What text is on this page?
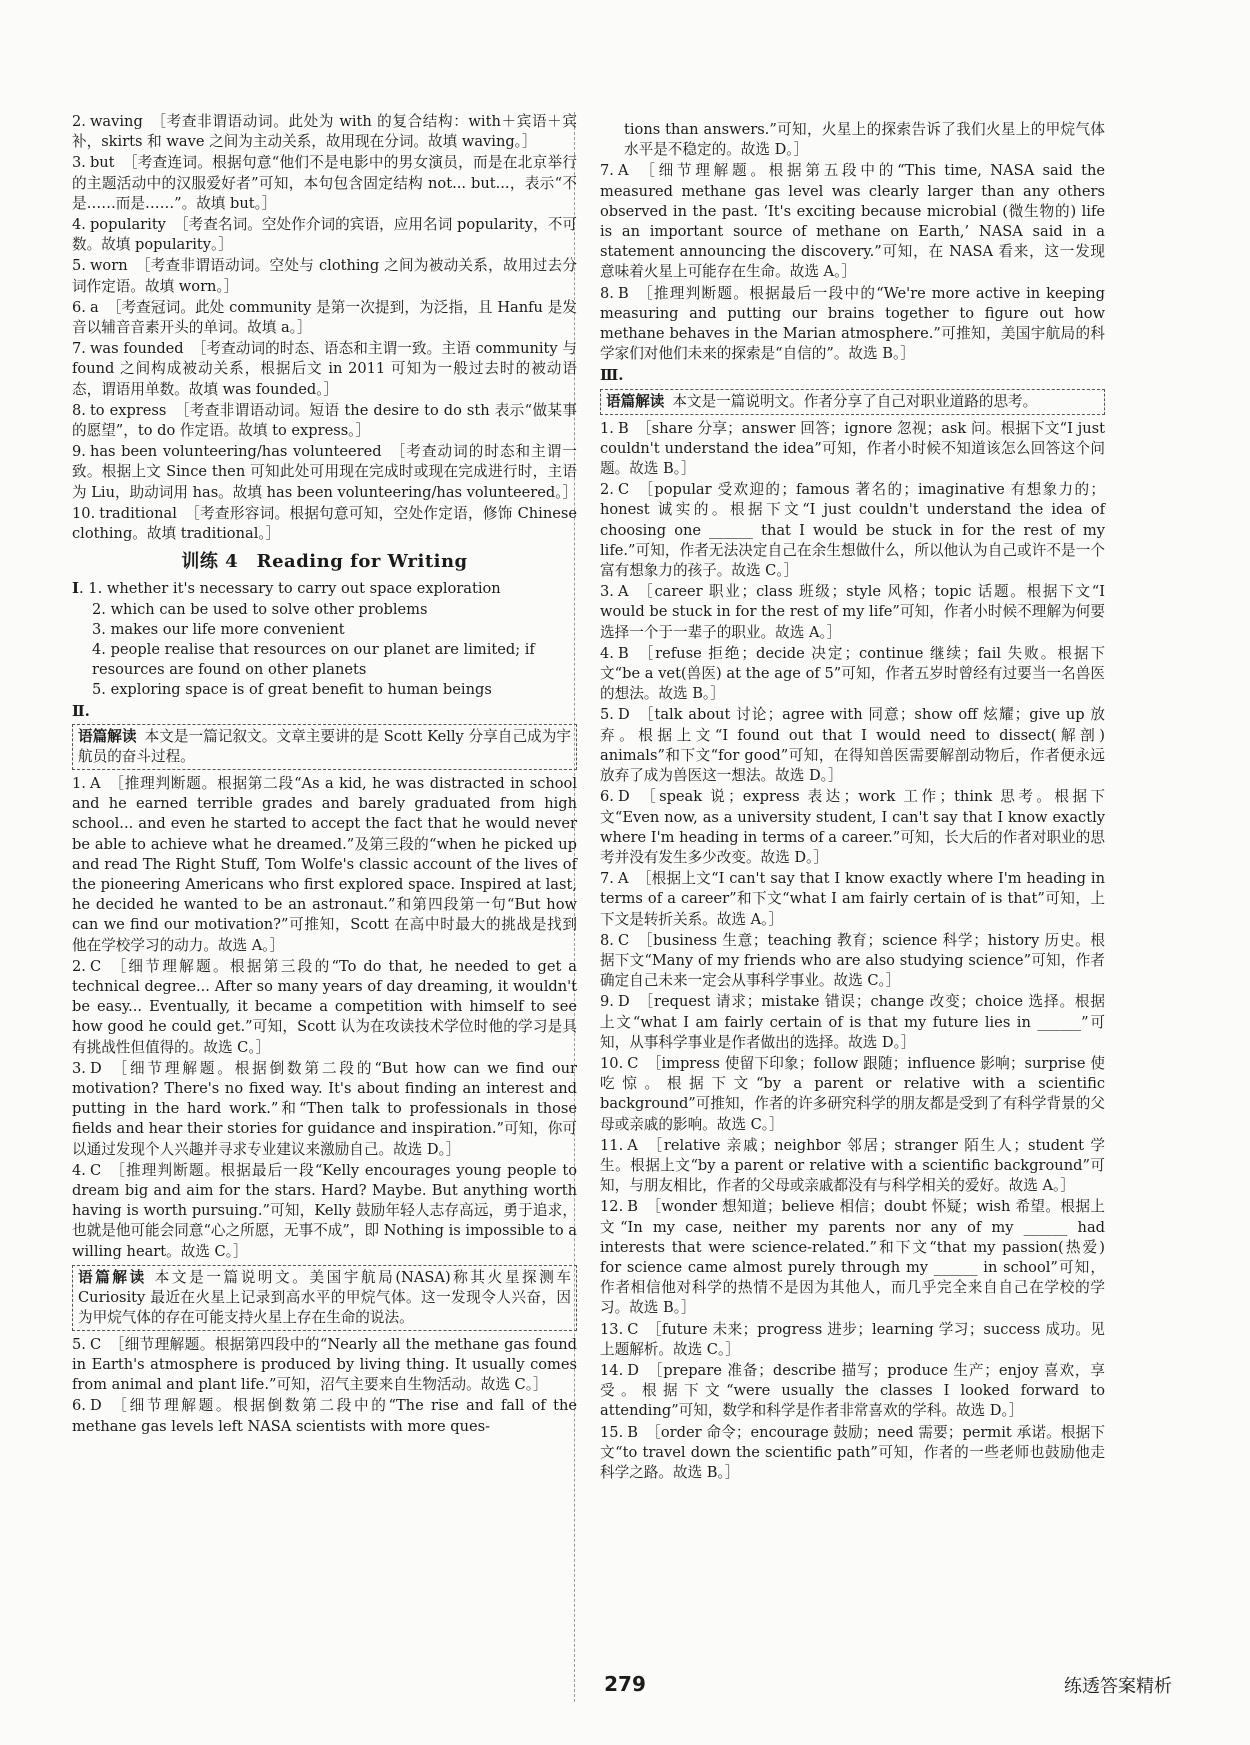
2. waving ［考查非谓语动词。此处为 with 的复合结构：with＋宾语＋宾补，skirts 和 wave 之间为主动关系，故用现在分词。故填 waving。］
3. but ［考查连词。根据句意“他们不是电影中的男女演员，而是在北京举行的主题活动中的汉服爱好者”可知，本句包含固定结构 not... but...，表示“不是……而是……”。故填 but。］
4. popularity ［考查名词。空处作介词的宾语，应用名词 popularity，不可数。故填 popularity。］
5. worn ［考查非谓语动词。空处与 clothing 之间为被动关系，故用过去分词作定语。故填 worn。］
6. a ［考查冠词。此处 community 是第一次提到，为泛指，且 Hanfu 是发音以辅音音素开头的单词。故填 a。］
7. was founded ［考查动词的时态、语态和主谓一致。主语 community 与 found 之间构成被动关系，根据后文 in 2011 可知为一般过去时的被动语态，谓语用单数。故填 was founded。］
8. to express ［考查非谓语动词。短语 the desire to do sth 表示“做某事的愿望”，to do 作定语。故填 to express。］
9. has been volunteering/has volunteered ［考查动词的时态和主谓一致。根据上文 Since then 可知此处可用现在完成时或现在完成进行时，主语为 Liu，助动词用 has。故填 has been volunteering/has volunteered。］
10. traditional ［考查形容词。根据句意可知，空处作定语，修饰 Chinese clothing。故填 traditional。］
训练 4　Reading for Writing
Ⅰ. 1. whether it's necessary to carry out space exploration
2. which can be used to solve other problems
3. makes our life more convenient
4. people realise that resources on our planet are limited; if resources are found on other planets
5. exploring space is of great benefit to human beings
Ⅱ.
语篇解读 本文是一篇记叙文。文章主要讲的是 Scott Kelly 分享自己成为宇航员的奋斗过程。
1. A ［推理判断题。根据第二段“As a kid, he was distracted in school and he earned terrible grades and barely graduated from high school... and even he started to accept the fact that he would never be able to achieve what he dreamed.”及第三段的“when he picked up and read The Right Stuff, Tom Wolfe's classic account of the lives of the pioneering Americans who first explored space. Inspired at last, he decided he wanted to be an astronaut.”和第四段第一句“But how can we find our motivation?”可推知，Scott 在高中时最大的挑战是找到他在学校学习的动力。故选 A。］
2. C ［细节理解题。根据第三段的“To do that, he needed to get a technical degree... After so many years of day dreaming, it wouldn't be easy... Eventually, it became a competition with himself to see how good he could get.”可知，Scott 认为在攻读技术学位时他的学习是具有挑战性但值得的。故选 C。］
3. D ［细节理解题。根据倒数第二段的“But how can we find our motivation? There's no fixed way. It's about finding an interest and putting in the hard work.”和“Then talk to professionals in those fields and hear their stories for guidance and inspiration.”可知，你可以通过发现个人兴趣并寻求专业建议来激励自己。故选 D。］
4. C ［推理判断题。根据最后一段“Kelly encourages young people to dream big and aim for the stars. Hard? Maybe. But anything worth having is worth pursuing.”可知，Kelly 鼓励年轻人志存高远，勇于追求，也就是他可能会同意“心之所愿，无事不成”，即 Nothing is impossible to a willing heart。故选 C。］
语篇解读 本文是一篇说明文。美国宇航局(NASA)称其火星探测车 Curiosity 最近在火星上记录到高水平的甲烷气体。这一发现令人兴奋，因为甲烷气体的存在可能支持火星上存在生命的说法。
5. C ［细节理解题。根据第四段中的“Nearly all the methane gas found in Earth's atmosphere is produced by living thing. It usually comes from animal and plant life.”可知，沼气主要来自生物活动。故选 C。］
6. D ［细节理解题。根据倒数第二段中的“The rise and fall of the methane gas levels left NASA scientists with more ques-
tions than answers.”可知，火星上的探索告诉了我们火星上的甲烷气体水平是不稳定的。故选 D。］
7. A ［细节理解题。根据第五段中的“This time, NASA said the measured methane gas level was clearly larger than any others observed in the past. ‘It's exciting because microbial (微生物的) life is an important source of methane on Earth,’ NASA said in a statement announcing the discovery.”可知，在 NASA 看来，这一发现意味着火星上可能存在生命。故选 A。］
8. B ［推理判断题。根据最后一段中的“We're more active in keeping measuring and putting our brains together to figure out how methane behaves in the Marian atmosphere.”可推知，美国宇航局的科学家们对他们未来的探索是“自信的”。故选 B。］
Ⅲ.
语篇解读 本文是一篇说明文。作者分享了自己对职业道路的思考。
1. B ［share 分享；answer 回答；ignore 忽视；ask 问。根据下文“I just couldn't understand the idea”可知，作者小时候不知道该怎么回答这个问题。故选 B。］
2. C ［popular 受欢迎的；famous 著名的；imaginative 有想象力的；honest 诚实的。根据下文“I just couldn't understand the idea of choosing one ______ that I would be stuck in for the rest of my life.”可知，作者无法决定自己在余生想做什么，所以他认为自己或许不是一个富有想象力的孩子。故选 C。］
3. A ［career 职业；class 班级；style 风格；topic 话题。根据下文“I would be stuck in for the rest of my life”可知，作者小时候不理解为何要选择一个于一辈子的职业。故选 A。］
4. B ［refuse 拒绝；decide 决定；continue 继续；fail 失败。根据下文“be a vet(兽医) at the age of 5”可知，作者五岁时曾经有过要当一名兽医的想法。故选 B。］
5. D ［talk about 讨论；agree with 同意；show off 炫耀；give up 放弃。根据上文“I found out that I would need to dissect(解剖) animals”和下文“for good”可知，在得知兽医需要解剖动物后，作者便永远放弃了成为兽医这一想法。故选 D。］
6. D ［speak 说；express 表达；work 工作；think 思考。根据下文“Even now, as a university student, I can't say that I know exactly where I'm heading in terms of a career.”可知，长大后的作者对职业的思考并没有发生多少改变。故选 D。］
7. A ［根据上文“I can't say that I know exactly where I'm heading in terms of a career”和下文“what I am fairly certain of is that”可知，上下文是转折关系。故选 A。］
8. C ［business 生意；teaching 教育；science 科学；history 历史。根据下文“Many of my friends who are also studying science”可知，作者确定自己未来一定会从事科学事业。故选 C。］
9. D ［request 请求；mistake 错误；change 改变；choice 选择。根据上文“what I am fairly certain of is that my future lies in ______”可知，从事科学事业是作者做出的选择。故选 D。］
10. C ［impress 使留下印象；follow 跟随；influence 影响；surprise 使吃惊。根据下文“by a parent or relative with a scientific background”可推知，作者的许多研究科学的朋友都是受到了有科学背景的父母或亲戚的影响。故选 C。］
11. A ［relative 亲戚；neighbor 邻居；stranger 陌生人；student 学生。根据上文“by a parent or relative with a scientific background”可知，与朋友相比，作者的父母或亲戚都没有与科学相关的爱好。故选 A。］
12. B ［wonder 想知道；believe 相信；doubt 怀疑；wish 希望。根据上文“In my case, neither my parents nor any of my ______ had interests that were science-related.”和下文“that my passion(热爱) for science came almost purely through my ______ in school”可知，作者相信他对科学的热情不是因为其他人，而几乎完全来自自己在学校的学习。故选 B。］
13. C ［future 未来；progress 进步；learning 学习；success 成功。见上题解析。故选 C。］
14. D ［prepare 准备；describe 描写；produce 生产；enjoy 喜欢，享受。根据下文“were usually the classes I looked forward to attending”可知，数学和科学是作者非常喜欢的学科。故选 D。］
15. B ［order 命令；encourage 鼓励；need 需要；permit 承诺。根据下文“to travel down the scientific path”可知，作者的一些老师也鼓励他走科学之路。故选 B。］
279	练透答案精析
